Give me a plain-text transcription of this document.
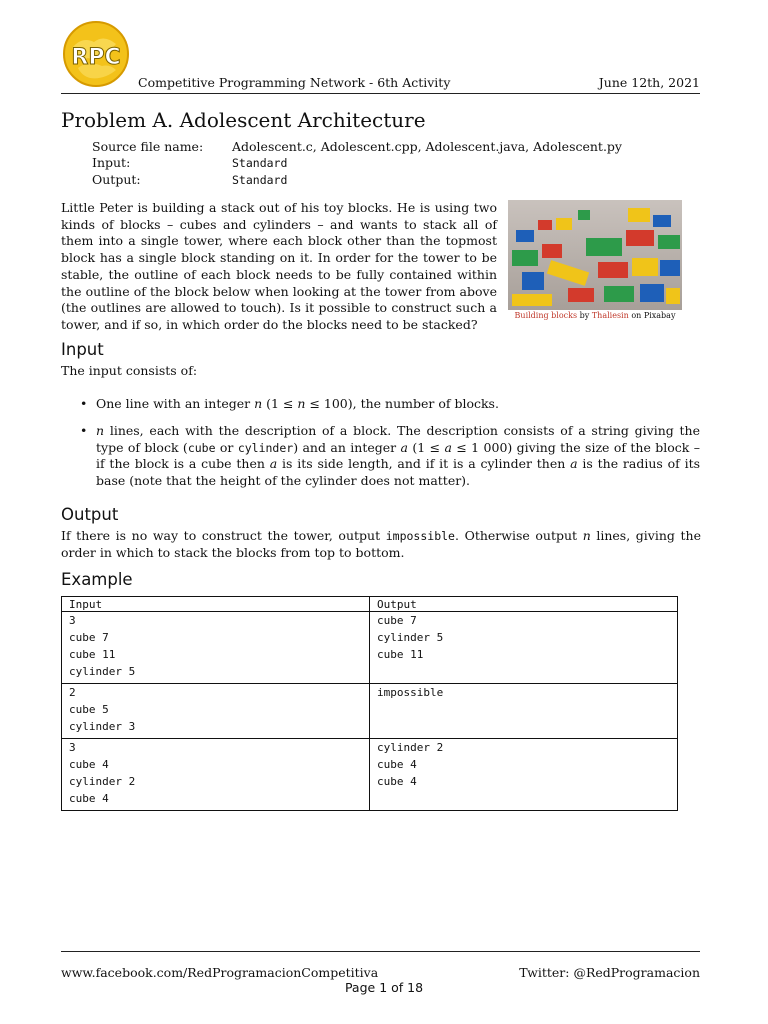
RPC
Competitive Programming Network - 6th Activity	June 12th, 2021
Problem A. Adolescent Architecture
Source file name: Adolescent.c, Adolescent.cpp, Adolescent.java, Adolescent.py
Input:	Standard
Output:	Standard
Little Peter is building a stack out of his toy blocks. He is using two kinds of blocks – cubes and cylinders – and wants to stack all of them into a single tower, where each block other than the topmost block has a single block standing on it. In order for the tower to be stable, the outline of each block needs to be fully contained within the outline of the block below when looking at the tower from above (the outlines are allowed to touch). Is it possible to construct such a tower, and if so, in which order do the blocks need to be stacked?
Building blocks by Thaliesin on Pixabay
Input
The input consists of:
• One line with an integer n (1 ≤ n ≤ 100), the number of blocks.
• n lines, each with the description of a block. The description consists of a string giving the type of block (cube or cylinder) and an integer a (1 ≤ a ≤ 1 000) giving the size of the block – if the block is a cube then a is its side length, and if it is a cylinder then a is the radius of its base (note that the height of the cylinder does not matter).
Output
If there is no way to construct the tower, output impossible. Otherwise output n lines, giving the order in which to stack the blocks from top to bottom.
Example
Input	Output

3
cube 7
cube 11
cylinder 5	cube 7
cylinder 5
cube 11

2
cube 5
cylinder 3	impossible

3
cube 4
cylinder 2
cube 4	cylinder 2
cube 4
cube 4
www.facebook.com/RedProgramacionCompetitiva	Twitter: @RedProgramacion
Page 1 of 18
